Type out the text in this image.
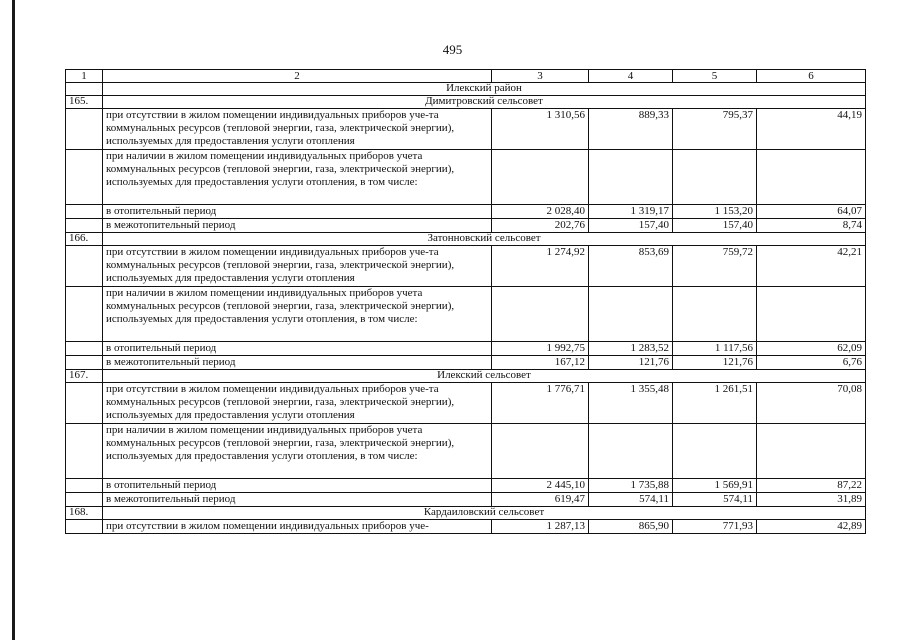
495
1	2	3	4	5	6
	Илекский район				
165.	Димитровский сельсовет				
	при отсутствии в жилом помещении индивидуальных приборов уче-та коммунальных ресурсов (тепловой энергии, газа, электрической энергии), используемых для предоставления услуги отопления	1 310,56	889,33	795,37	44,19
	при наличии в жилом помещении индивидуальных приборов учета коммунальных ресурсов (тепловой энергии, газа, электрической энергии), используемых для предоставления услуги отопления, в том числе:				
	в отопительный период	2 028,40	1 319,17	1 153,20	64,07
	в межотопительный период	202,76	157,40	157,40	8,74
166.	Затонновский сельсовет				
	при отсутствии в жилом помещении индивидуальных приборов уче-та коммунальных ресурсов (тепловой энергии, газа, электрической энергии), используемых для предоставления услуги отопления	1 274,92	853,69	759,72	42,21
	при наличии в жилом помещении индивидуальных приборов учета коммунальных ресурсов (тепловой энергии, газа, электрической энергии), используемых для предоставления услуги отопления, в том числе:				
	в отопительный период	1 992,75	1 283,52	1 117,56	62,09
	в межотопительный период	167,12	121,76	121,76	6,76
167.	Илекский сельсовет				
	при отсутствии в жилом помещении индивидуальных приборов уче-та коммунальных ресурсов (тепловой энергии, газа, электрической энергии), используемых для предоставления услуги отопления	1 776,71	1 355,48	1 261,51	70,08
	при наличии в жилом помещении индивидуальных приборов учета коммунальных ресурсов (тепловой энергии, газа, электрической энергии), используемых для предоставления услуги отопления, в том числе:				
	в отопительный период	2 445,10	1 735,88	1 569,91	87,22
	в межотопительный период	619,47	574,11	574,11	31,89
168.	Кардаиловский сельсовет				
	при отсутствии в жилом помещении индивидуальных приборов уче-	1 287,13	865,90	771,93	42,89
